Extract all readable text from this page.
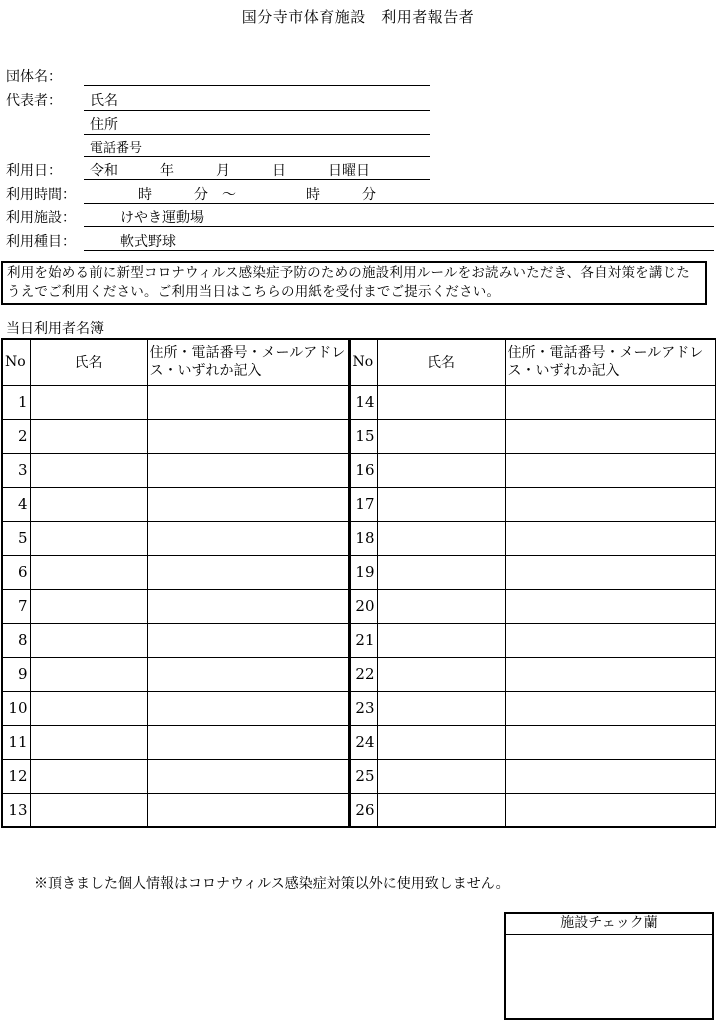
国分寺市体育施設　利用者報告者
団体名：
代表者： 氏名
住所
電話番号
利用日： 令和　　　年　　　月　　　日　　　日曜日
利用時間：	時　　　分　〜　　　　　時　　　分
利用施設：	けやき運動場
利用種目：	軟式野球
利用を始める前に新型コロナウィルス感染症予防のための施設利用ルールをお読みいただき、各自対策を講じたうえでご利用ください。ご利用当日はこちらの用紙を受付までご提示ください。
当日利用者名簿
No	氏名	住所・電話番号・メールアドレス・いずれか記入	No	氏名	住所・電話番号・メールアドレス・いずれか記入
1			14		
2			15		
3			16		
4			17		
5			18		
6			19		
7			20		
8			21		
9			22		
10			23		
11			24		
12			25		
13			26		
※頂きました個人情報はコロナウィルス感染症対策以外に使用致しません。
施設チェック蘭
